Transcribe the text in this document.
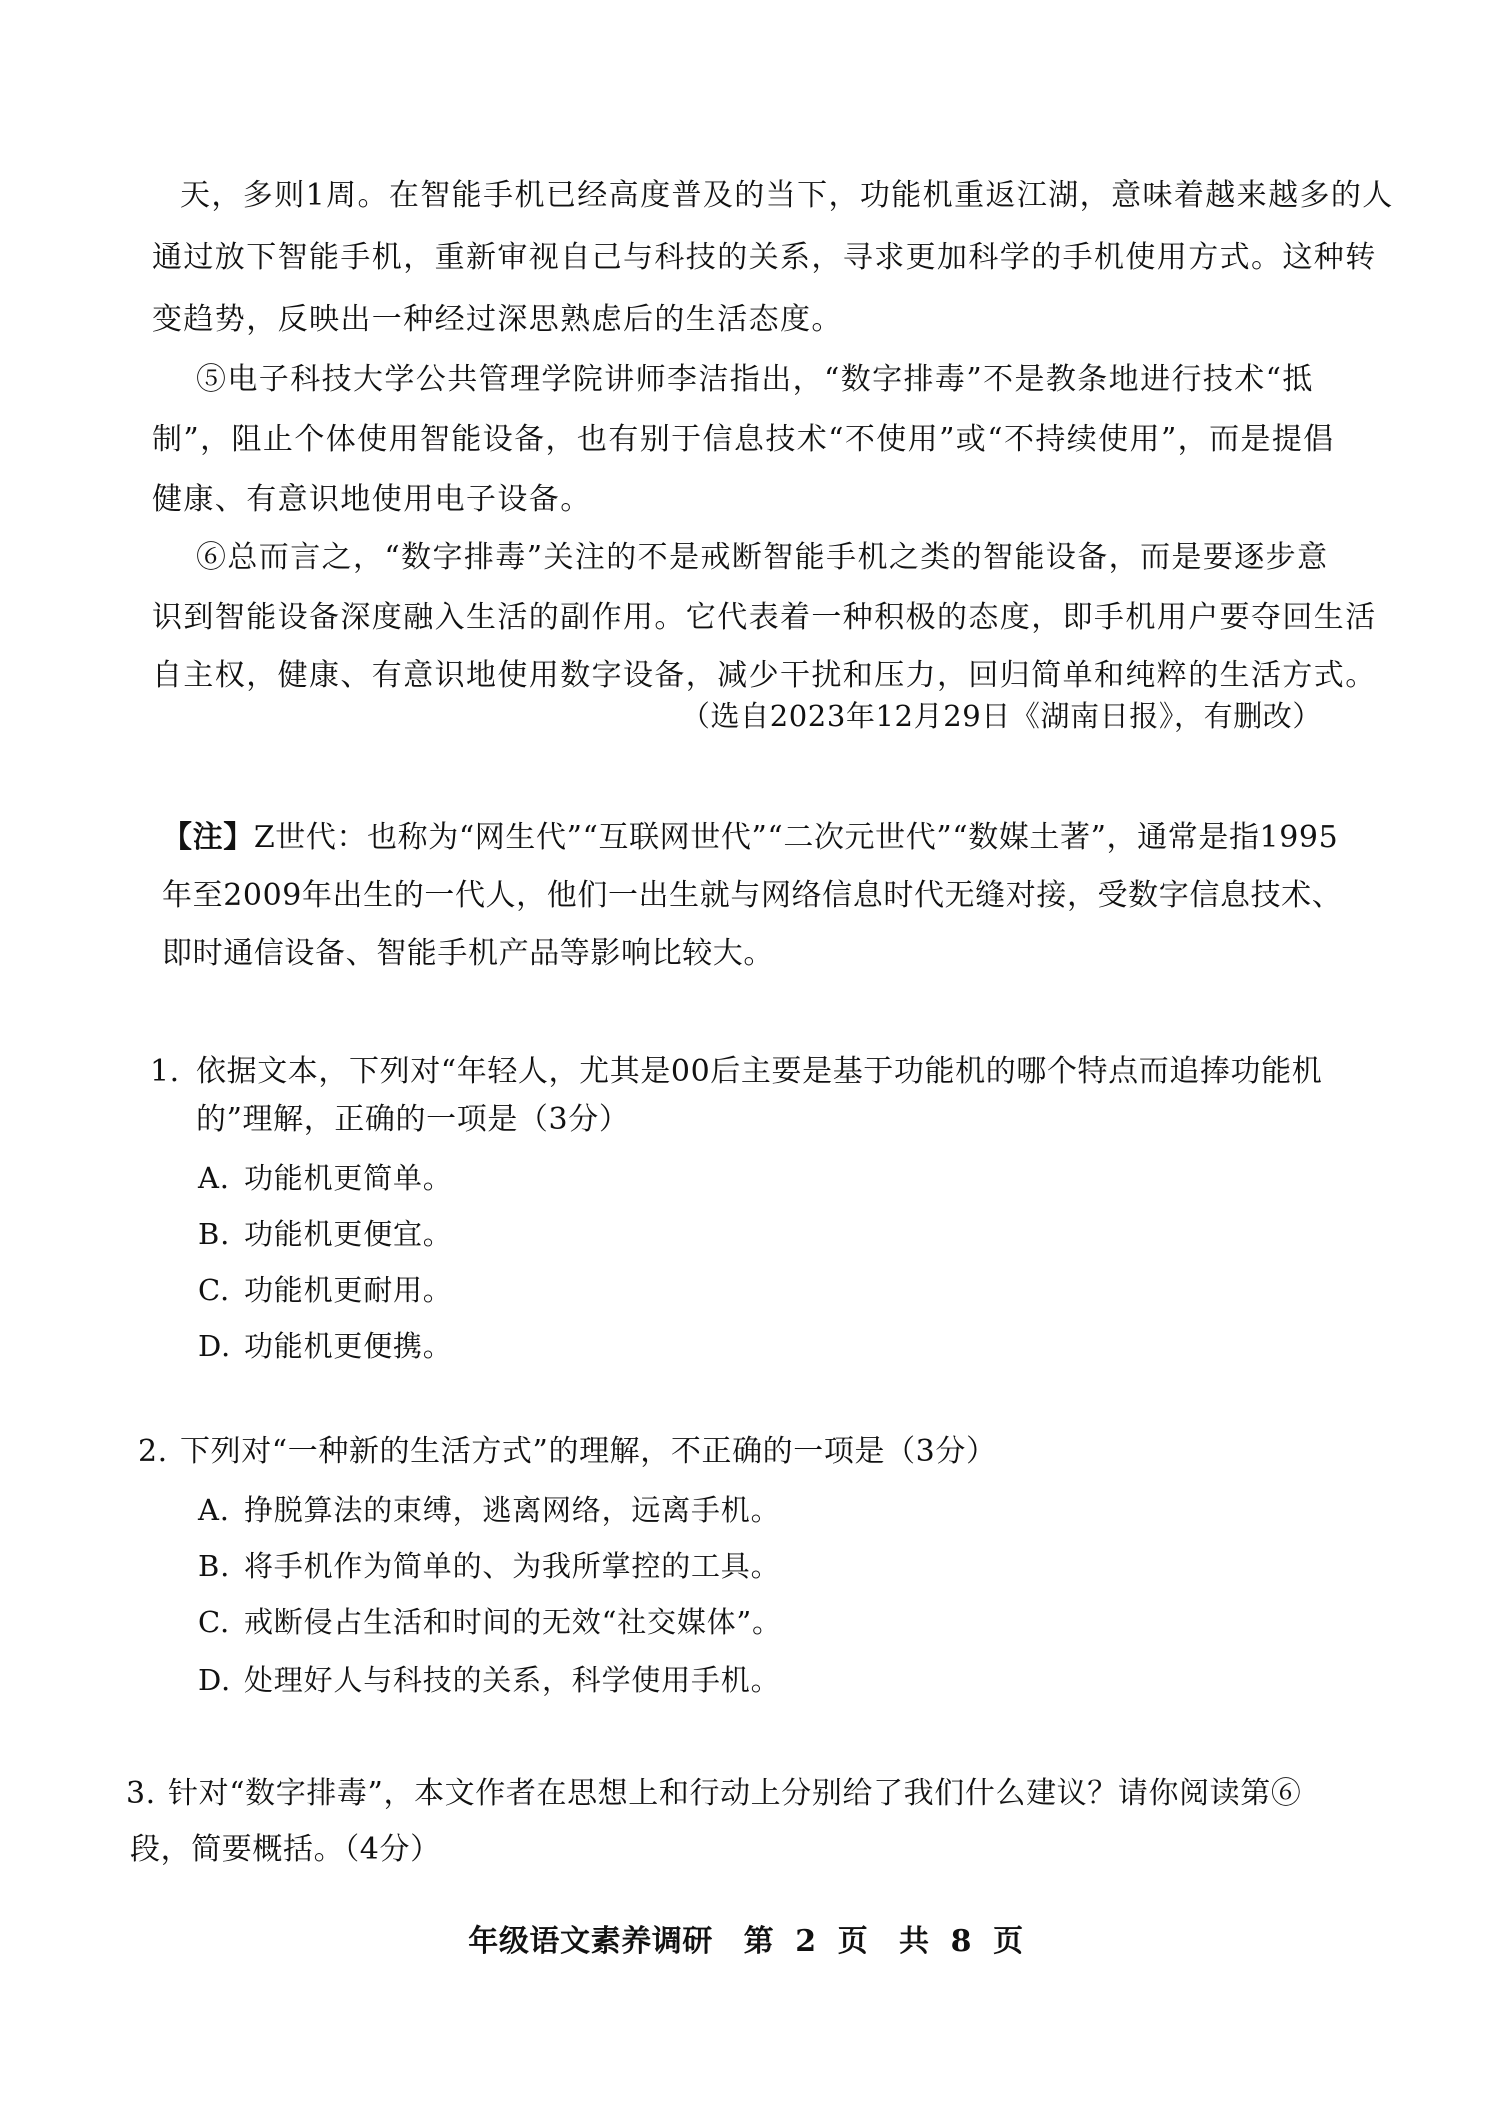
天，多则1周。在智能手机已经高度普及的当下，功能机重返江湖，意味着越来越多的人
通过放下智能手机，重新审视自己与科技的关系，寻求更加科学的手机使用方式。这种转
变趋势，反映出一种经过深思熟虑后的生活态度。
⑤电子科技大学公共管理学院讲师李洁指出，“数字排毒”不是教条地进行技术“抵
制”，阻止个体使用智能设备，也有别于信息技术“不使用”或“不持续使用”，而是提倡
健康、有意识地使用电子设备。
⑥总而言之，“数字排毒”关注的不是戒断智能手机之类的智能设备，而是要逐步意
识到智能设备深度融入生活的副作用。它代表着一种积极的态度，即手机用户要夺回生活
自主权，健康、有意识地使用数字设备，减少干扰和压力，回归简单和纯粹的生活方式。
（选自2023年12月29日《湖南日报》，有删改）
【注】Z世代：也称为“网生代”“互联网世代”“二次元世代”“数媒土著”，通常是指1995
年至2009年出生的一代人，他们一出生就与网络信息时代无缝对接，受数字信息技术、
即时通信设备、智能手机产品等影响比较大。
1. 依据文本，下列对“年轻人，尤其是00后主要是基于功能机的哪个特点而追捧功能机
的”理解，正确的一项是（3分）
A. 功能机更简单。
B. 功能机更便宜。
C. 功能机更耐用。
D. 功能机更便携。
2. 下列对“一种新的生活方式”的理解，不正确的一项是（3分）
A. 挣脱算法的束缚，逃离网络，远离手机。
B. 将手机作为简单的、为我所掌控的工具。
C. 戒断侵占生活和时间的无效“社交媒体”。
D. 处理好人与科技的关系，科学使用手机。
3. 针对“数字排毒”，本文作者在思想上和行动上分别给了我们什么建议？请你阅读第⑥
段，简要概括。（4分）
年级语文素养调研　第 2 页　共 8 页
